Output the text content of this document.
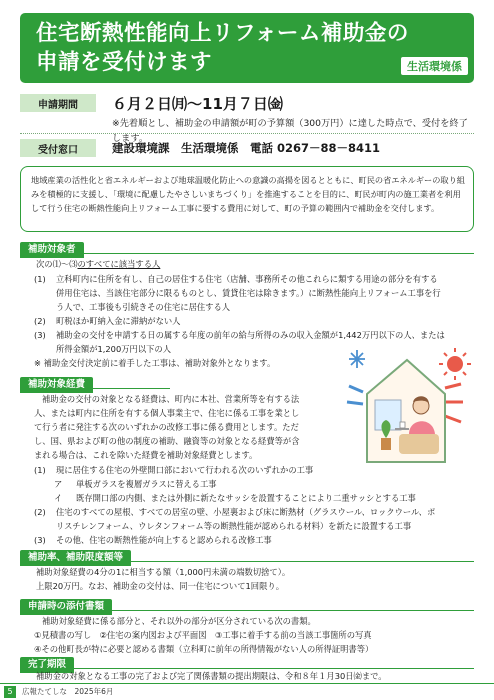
住宅断熱性能向上リフォーム補助金の
申請を受付けます	生活環境係
申請期間	６月２日㈪〜11月７日㈮
※先着順とし、補助金の申請額が町の予算額（300万円）に達した時点で、受付を終了します。
受付窓口	建設環境課　生活環境係　電話 0267－88－8411

地域産業の活性化と省エネルギーおよび地球温暖化防止への意識の高揚を図るとともに、町民の省エネルギーの取り組みを積極的に支援し、「環境に配慮したやさしいまちづくり」を推進することを目的に、町民が町内の施工業者を利用して行う住宅の断熱性能向上リフォーム工事に要する費用に対して、町の予算の範囲内で補助金を交付します。

補助対象者
次の⑴〜⑶のすべてに該当する人
(1) 立科町内に住所を有し、自己の居住する住宅（店舗、事務所その他これらに類する用途の部分を有する
併用住宅は、当該住宅部分に限るものとし、賃貸住宅は除きます。）に断熱性能向上リフォーム工事を行
う人で、工事後も引続きその住宅に居住する人
(2) 町税ほか町納入金に滞納がない人
(3) 補助金の交付を申請する日の属する年度の前年の給与所得のみの収入金額が1,442万円以下の人、または
所得金額が1,200万円以下の人
※ 補助金交付決定前に着手した工事は、補助対象外となります。
補助対象経費
補助金の交付の対象となる経費は、町内に本社、営業所等を有する法
人、または町内に住所を有する個人事業主で、住宅に係る工事を業とし
て行う者に発注する次のいずれかの改修工事に係る費用とします。ただ
し、国、県および町の他の制度の補助、融資等の対象となる経費等が含
まれる場合は、これを除いた経費を補助対象経費とします。
(1) 現に居住する住宅の外壁開口部において行われる次のいずれかの工事
ア 単板ガラスを複層ガラスに替える工事
イ 既存開口部の内側、または外側に新たなサッシを設置することにより二重サッシとする工事
(2) 住宅のすべての屋根、すべての居室の壁、小屋裏および床に断熱材（グラスウール、ロックウール、ポ
リスチレンフォーム、ウレタンフォーム等の断熱性能が認められる材料）を新たに設置する工事
(3) その他、住宅の断熱性能が向上すると認められる改修工事
補助率、補助限度額等
補助対象経費の4分の1に相当する額（1,000円未満の端数切捨て）。
上限20万円。なお、補助金の交付は、同一住宅について1回限り。
申請時の添付書類
補助対象経費に係る部分と、それ以外の部分が区分されている次の書類。
①見積書の写し　②住宅の案内図および平面図　③工事に着手する前の当該工事箇所の写真
④その他町長が特に必要と認める書類（立科町に前年の所得情報がない人の所得証明書等）
完了期限
補助金の対象となる工事の完了および完了関係書類の提出期限は、令和８年１月30日㈮まで。
5	広報たてしな　2025年6月
